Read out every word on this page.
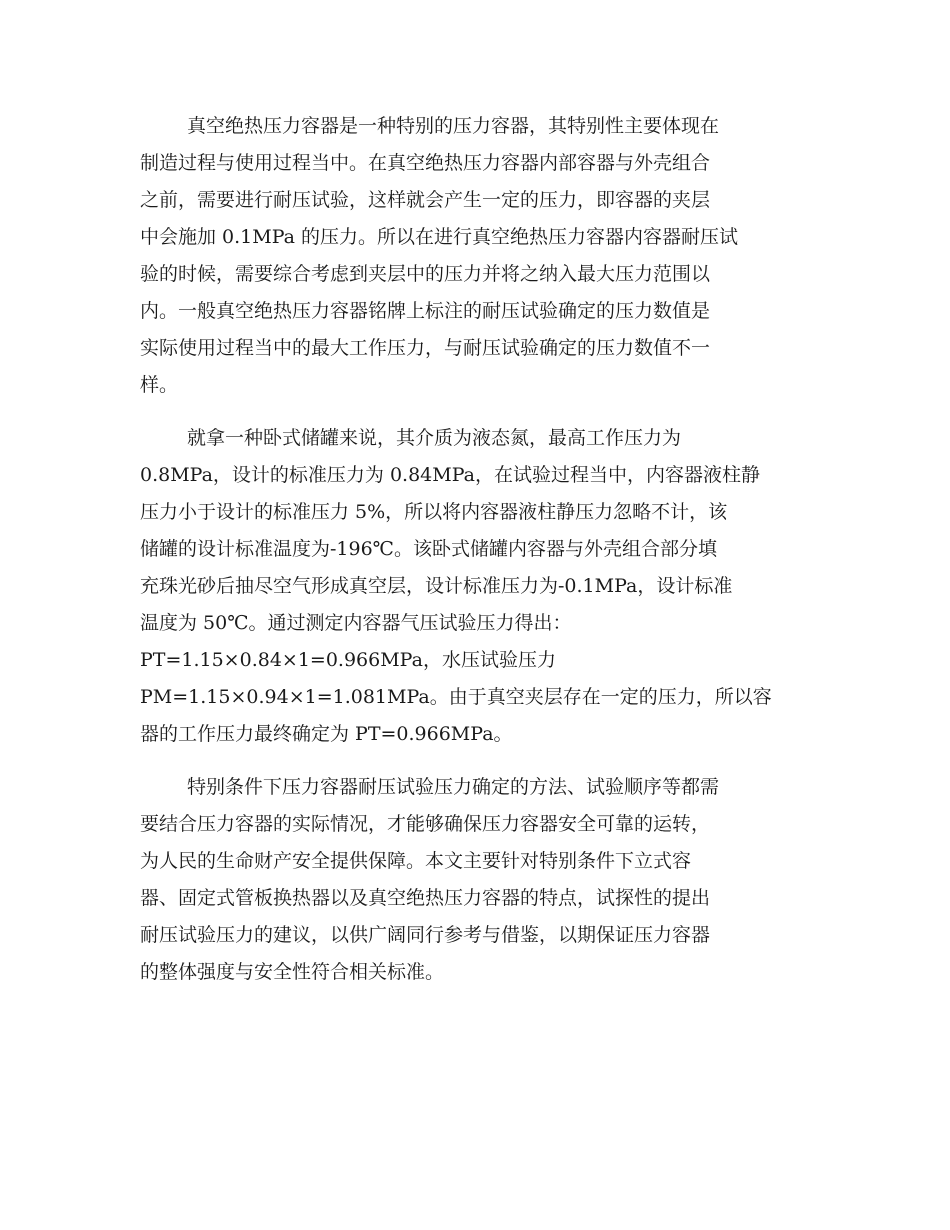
真空绝热压力容器是一种特别的压力容器，其特别性主要体现在

制造过程与使用过程当中。在真空绝热压力容器内部容器与外壳组合

之前，需要进行耐压试验，这样就会产生一定的压力，即容器的夹层

中会施加 0.1MPa 的压力。所以在进行真空绝热压力容器内容器耐压试

验的时候，需要综合考虑到夹层中的压力并将之纳入最大压力范围以

内。一般真空绝热压力容器铭牌上标注的耐压试验确定的压力数值是

实际使用过程当中的最大工作压力，与耐压试验确定的压力数值不一

样。

就拿一种卧式储罐来说，其介质为液态氮，最高工作压力为

0.8MPa，设计的标准压力为 0.84MPa，在试验过程当中，内容器液柱静

压力小于设计的标准压力 5%，所以将内容器液柱静压力忽略不计，该

储罐的设计标准温度为-196℃。该卧式储罐内容器与外壳组合部分填

充珠光砂后抽尽空气形成真空层，设计标准压力为-0.1MPa，设计标准

温度为 50℃。通过测定内容器气压试验压力得出：

PT=1.15×0.84×1=0.966MPa，水压试验压力

PM=1.15×0.94×1=1.081MPa。由于真空夹层存在一定的压力，所以容

器的工作压力最终确定为 PT=0.966MPa。

特别条件下压力容器耐压试验压力确定的方法、试验顺序等都需

要结合压力容器的实际情况，才能够确保压力容器安全可靠的运转，

为人民的生命财产安全提供保障。本文主要针对特别条件下立式容

器、固定式管板换热器以及真空绝热压力容器的特点，试探性的提出

耐压试验压力的建议，以供广阔同行参考与借鉴，以期保证压力容器

的整体强度与安全性符合相关标准。
